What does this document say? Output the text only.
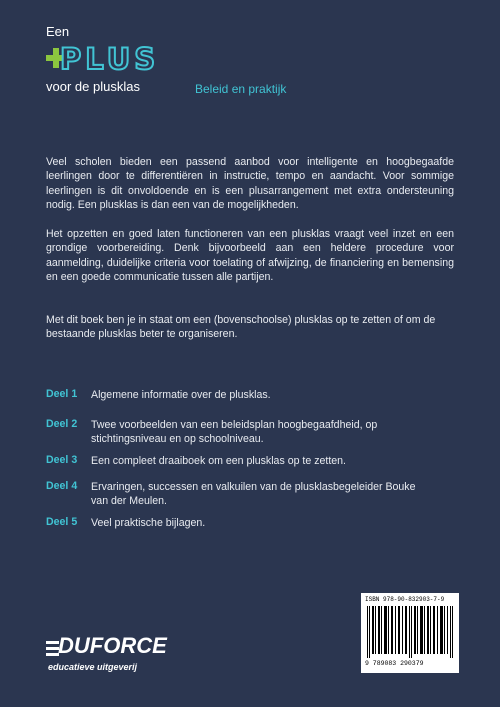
Een
PLUS
voor de plusklas	Beleid en praktijk

Veel scholen bieden een passend aanbod voor intelligente en hoogbegaafde leerlingen door te differentiëren in instructie, tempo en aandacht. Voor sommige leerlingen is dit onvoldoende en is een plusarrangement met extra ondersteuning nodig. Een plusklas is dan een van de mogelijkheden.

Het opzetten en goed laten functioneren van een plusklas vraagt veel inzet en een grondige voorbereiding. Denk bijvoorbeeld aan een heldere procedure voor aanmelding, duidelijke criteria voor toelating of afwijzing, de financiering en bemensing en een goede communicatie tussen alle partijen.

Met dit boek ben je in staat om een (bovenschoolse) plusklas op te zetten of om de bestaande plusklas beter te organiseren.

Deel 1 Algemene informatie over de plusklas.
Deel 2 Twee voorbeelden van een beleidsplan hoogbegaafdheid, op stichtingsniveau en op schoolniveau.
Deel 3 Een compleet draaiboek om een plusklas op te zetten.
Deel 4 Ervaringen, successen en valkuilen van de plusklasbegeleider Bouke van der Meulen.
Deel 5 Veel praktische bijlagen.
ISBN 978-90-832903-7-9
9 789083 290379
DUFORCE
educatieve uitgeverij
